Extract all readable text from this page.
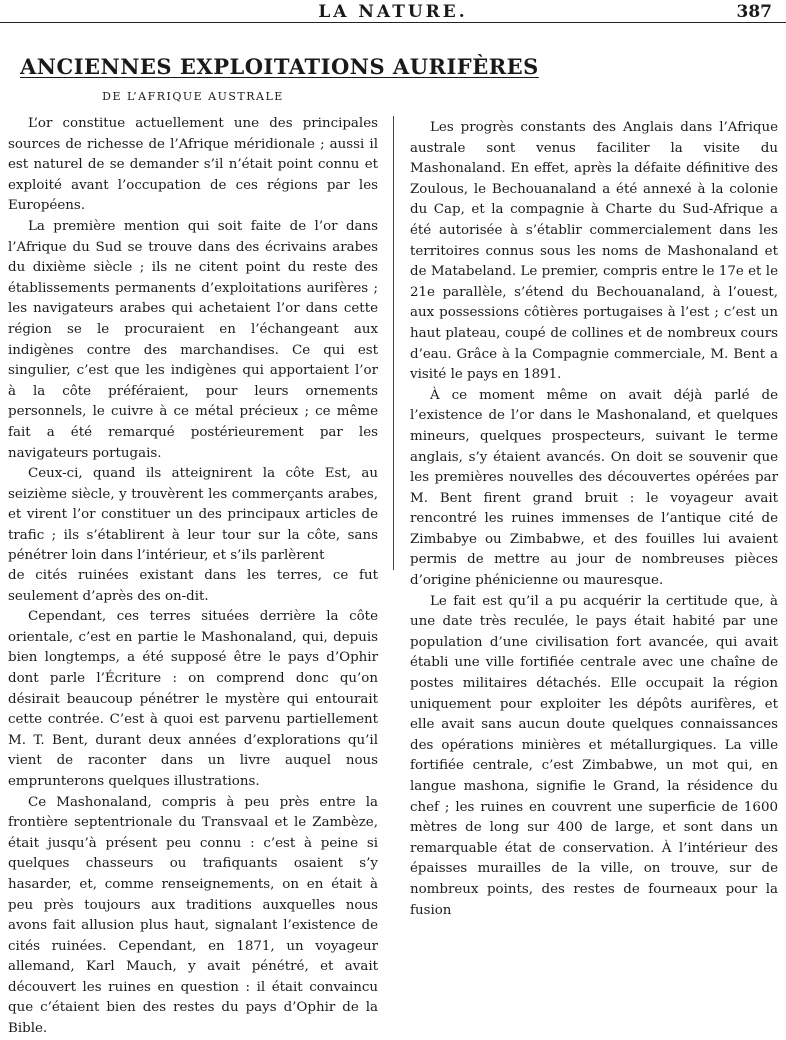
LA NATURE.	387
ANCIENNES EXPLOITATIONS AURIFÈRES
DE L’AFRIQUE AUSTRALE

L’or constitue actuellement une des principales sources de richesse de l’Afrique méridionale ; aussi il est naturel de se demander s’il n’était point connu et exploité avant l’occupation de ces régions par les Européens.

La première mention qui soit faite de l’or dans l’Afrique du Sud se trouve dans des écrivains arabes du dixième siècle ; ils ne citent point du reste des établissements permanents d’exploitations aurifères ; les navigateurs arabes qui achetaient l’or dans cette région se le procuraient en l’échangeant aux indigènes contre des marchandises. Ce qui est singulier, c’est que les indigènes qui apportaient l’or à la côte préféraient, pour leurs ornements personnels, le cuivre à ce métal précieux ; ce même fait a été remarqué postérieurement par les navigateurs portugais.

Ceux-ci, quand ils atteignirent la côte Est, au seizième siècle, y trouvèrent les commerçants arabes, et virent l’or constituer un des principaux articles de trafic ; ils s’établirent à leur tour sur la côte, sans pénétrer loin dans l’intérieur, et s’ils parlèrent

de cités ruinées existant dans les terres, ce fut seulement d’après des on-dit.

Cependant, ces terres situées derrière la côte orientale, c’est en partie le Mashonaland, qui, depuis bien longtemps, a été supposé être le pays d’Ophir dont parle l’Écriture : on comprend donc qu’on désirait beaucoup pénétrer le mystère qui entourait cette contrée. C’est à quoi est parvenu partiellement M. T. Bent, durant deux années d’explorations qu’il vient de raconter dans un livre auquel nous emprunterons quelques illustrations.

Ce Mashonaland, compris à peu près entre la frontière septentrionale du Transvaal et le Zambèze, était jusqu’à présent peu connu : c’est à peine si quelques chasseurs ou trafiquants osaient s’y hasarder, et, comme renseignements, on en était à peu près toujours aux traditions auxquelles nous avons fait allusion plus haut, signalant l’existence de cités ruinées. Cependant, en 1871, un voyageur allemand, Karl Mauch, y avait pénétré, et avait découvert les ruines en question : il était convaincu que c’étaient bien des restes du pays d’Ophir de la Bible.

Les progrès constants des Anglais dans l’Afrique australe sont venus faciliter la visite du Mashonaland. En effet, après la défaite définitive des Zoulous, le Bechouanaland a été annexé à la colonie du Cap, et la compagnie à Charte du Sud-Afrique a été autorisée à s’établir commercialement dans les territoires connus sous les noms de Mashonaland et de Matabeland. Le premier, compris entre le 17e et le 21e parallèle, s’étend du Bechouanaland, à l’ouest, aux possessions côtières portugaises à l’est ; c’est un haut plateau, coupé de collines et de nombreux cours d’eau. Grâce à la Compagnie commerciale, M. Bent a visité le pays en 1891.

À ce moment même on avait déjà parlé de l’existence de l’or dans le Mashonaland, et quelques mineurs, quelques prospecteurs, suivant le terme anglais, s’y étaient avancés. On doit se souvenir que les premières nouvelles des découvertes opérées par M. Bent firent grand bruit : le voyageur avait rencontré les ruines immenses de l’antique cité de Zimbabye ou Zimbabwe, et des fouilles lui avaient permis de mettre au jour de nombreuses pièces d’origine phénicienne ou mauresque.

Le fait est qu’il a pu acquérir la certitude que, à une date très reculée, le pays était habité par une population d’une civilisation fort avancée, qui avait établi une ville fortifiée centrale avec une chaîne de postes militaires détachés. Elle occupait la région uniquement pour exploiter les dépôts aurifères, et elle avait sans aucun doute quelques connaissances des opérations minières et métallurgiques. La ville fortifiée centrale, c’est Zimbabwe, un mot qui, en langue mashona, signifie le Grand, la résidence du chef ; les ruines en couvrent une superficie de 1600 mètres de long sur 400 de large, et sont dans un remarquable état de conservation. À l’intérieur des épaisses murailles de la ville, on trouve, sur de nombreux points, des restes de fourneaux pour la fusion
